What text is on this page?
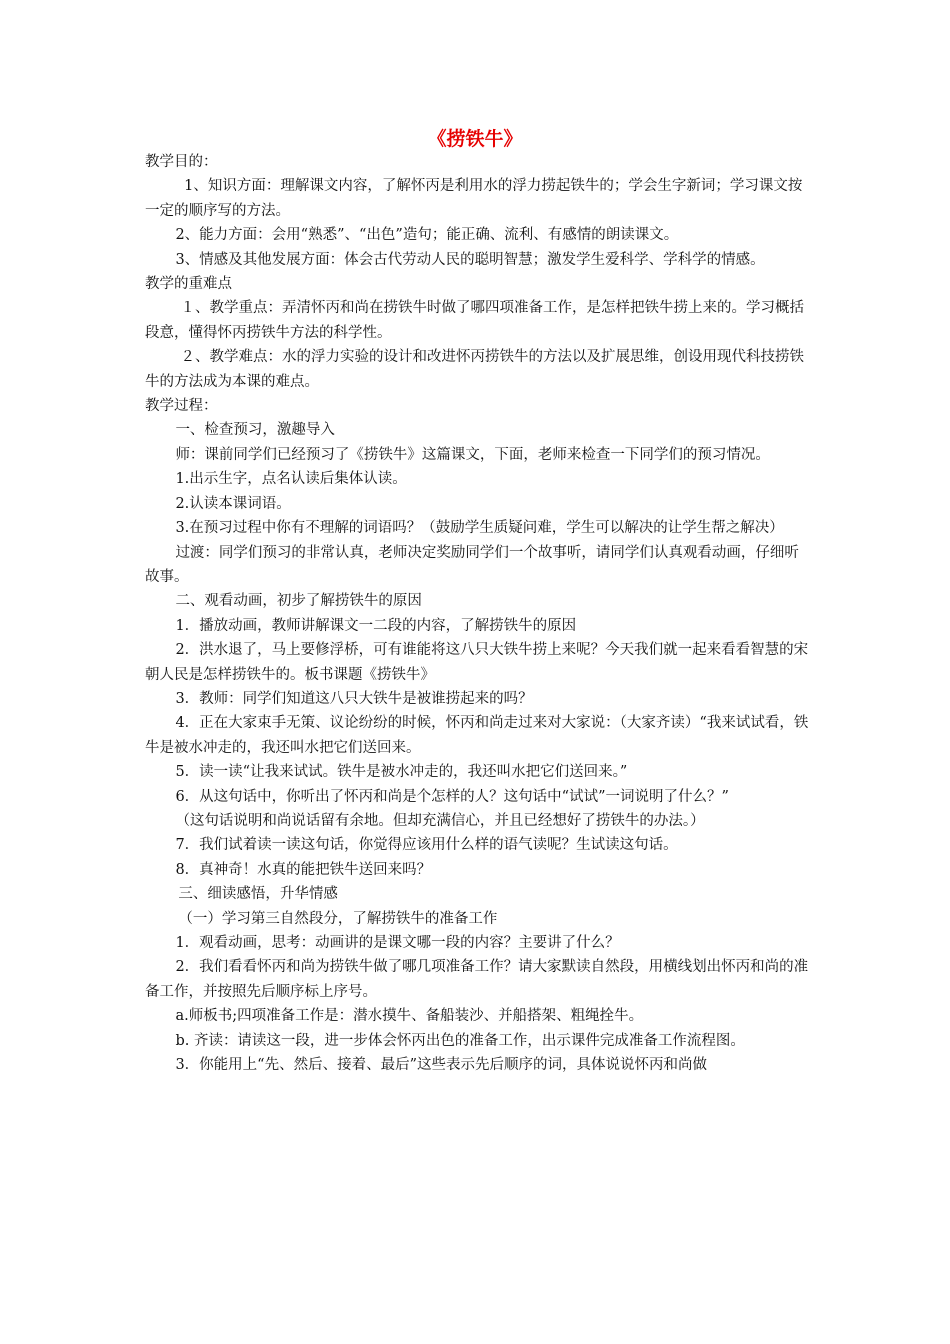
《捞铁牛》

教学目的：

1、知识方面：理解课文内容，了解怀丙是利用水的浮力捞起铁牛的；学会生字新词；学习课文按一定的顺序写的方法。

2、能力方面：会用“熟悉”、“出色”造句；能正确、流利、有感情的朗读课文。

3、情感及其他发展方面：体会古代劳动人民的聪明智慧；激发学生爱科学、学科学的情感。

教学的重难点

１、教学重点：弄清怀丙和尚在捞铁牛时做了哪四项准备工作，是怎样把铁牛捞上来的。学习概括段意，懂得怀丙捞铁牛方法的科学性。

２、教学难点：水的浮力实验的设计和改进怀丙捞铁牛的方法以及扩展思维，创设用现代科技捞铁牛的方法成为本课的难点。

教学过程：

一、检查预习，激趣导入

师：课前同学们已经预习了《捞铁牛》这篇课文，下面，老师来检查一下同学们的预习情况。

1.出示生字，点名认读后集体认读。

2.认读本课词语。

3.在预习过程中你有不理解的词语吗？（鼓励学生质疑问难，学生可以解决的让学生帮之解决）

过渡：同学们预习的非常认真，老师决定奖励同学们一个故事听，请同学们认真观看动画，仔细听故事。

二、观看动画，初步了解捞铁牛的原因

1．播放动画，教师讲解课文一二段的内容，了解捞铁牛的原因

2．洪水退了，马上要修浮桥，可有谁能将这八只大铁牛捞上来呢？今天我们就一起来看看智慧的宋朝人民是怎样捞铁牛的。板书课题《捞铁牛》

3．教师：同学们知道这八只大铁牛是被谁捞起来的吗？

4．正在大家束手无策、议论纷纷的时候，怀丙和尚走过来对大家说：（大家齐读）“我来试试看，铁牛是被水冲走的，我还叫水把它们送回来。

5．读一读“让我来试试。铁牛是被水冲走的，我还叫水把它们送回来。”

6．从这句话中，你听出了怀丙和尚是个怎样的人？这句话中“试试”一词说明了什么？”

（这句话说明和尚说话留有余地。但却充满信心，并且已经想好了捞铁牛的办法。）

7．我们试着读一读这句话，你觉得应该用什么样的语气读呢？生试读这句话。

8．真神奇！水真的能把铁牛送回来吗？

三、细读感悟，升华情感

（一）学习第三自然段分，了解捞铁牛的准备工作

1．观看动画，思考：动画讲的是课文哪一段的内容？主要讲了什么？

2．我们看看怀丙和尚为捞铁牛做了哪几项准备工作？请大家默读自然段，用横线划出怀丙和尚的准备工作，并按照先后顺序标上序号。

a.师板书;四项准备工作是：潜水摸牛、备船装沙、并船搭架、粗绳拴牛。

b. 齐读：请读这一段，进一步体会怀丙出色的准备工作，出示课件完成准备工作流程图。

3．你能用上“先、然后、接着、最后”这些表示先后顺序的词，具体说说怀丙和尚做
